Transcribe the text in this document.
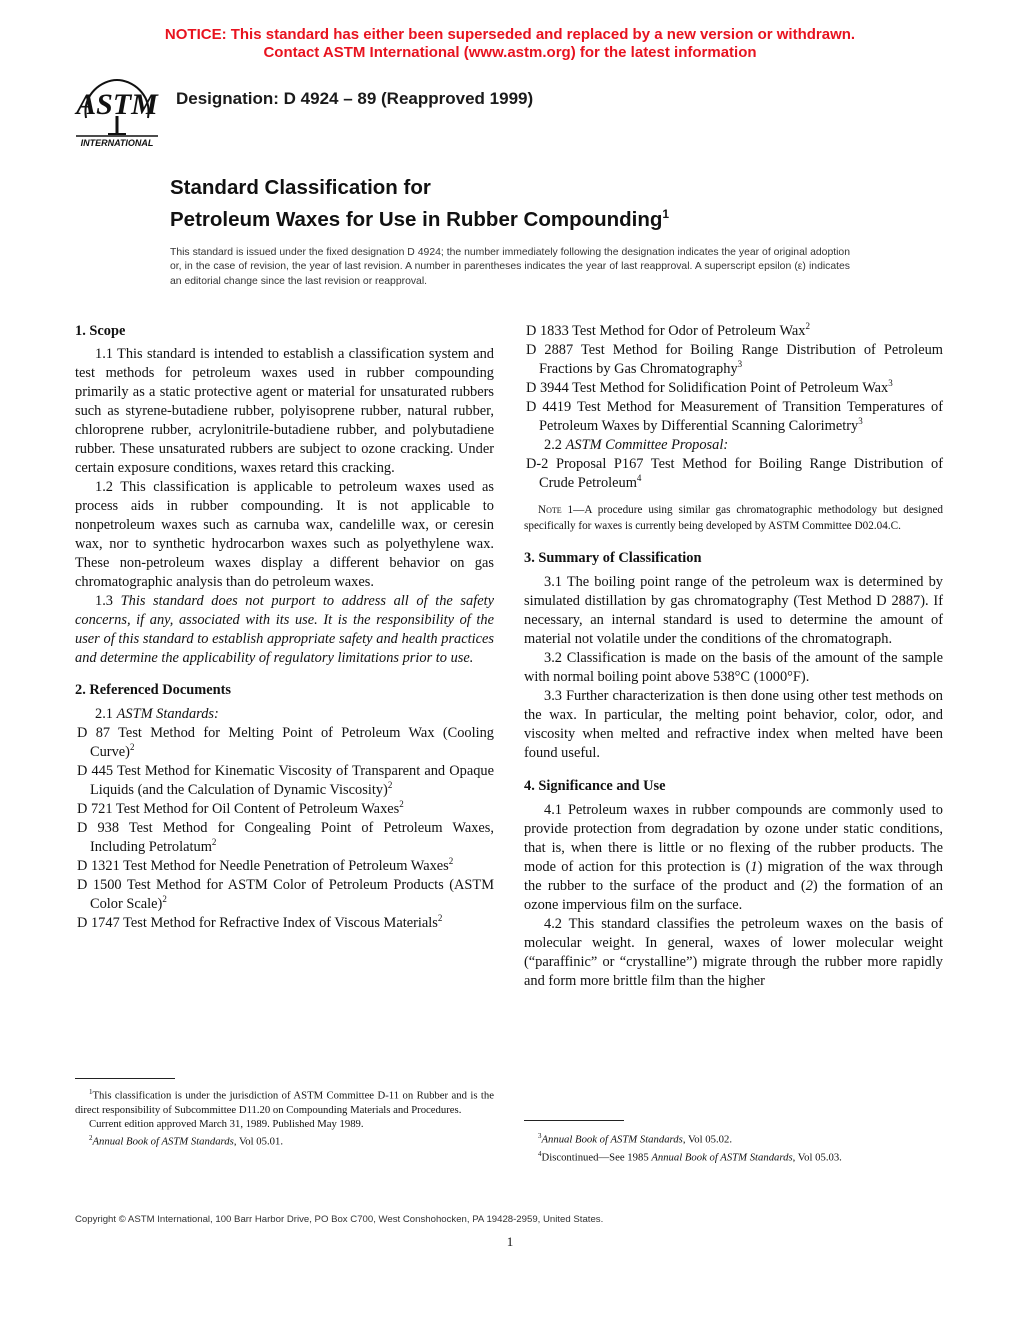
NOTICE: This standard has either been superseded and replaced by a new version or withdrawn.
Contact ASTM International (www.astm.org) for the latest information
ASTM
INTERNATIONAL
Designation: D 4924 – 89 (Reapproved 1999)
Standard Classification for
Petroleum Waxes for Use in Rubber Compounding$^1$
This standard is issued under the fixed designation D 4924; the number immediately following the designation indicates the year of original adoption or, in the case of revision, the year of last revision. A number in parentheses indicates the year of last reapproval. A superscript epsilon (ε) indicates an editorial change since the last revision or reapproval.
1. Scope

1.1 This standard is intended to establish a classification system and test methods for petroleum waxes used in rubber compounding primarily as a static protective agent or material for unsaturated rubbers such as styrene-butadiene rubber, polyisoprene rubber, natural rubber, chloroprene rubber, acrylonitrile-butadiene rubber, and polybutadiene rubber. These unsaturated rubbers are subject to ozone cracking. Under certain exposure conditions, waxes retard this cracking.

1.2 This classification is applicable to petroleum waxes used as process aids in rubber compounding. It is not applicable to nonpetroleum waxes such as carnuba wax, candelille wax, or ceresin wax, nor to synthetic hydrocarbon waxes such as polyethylene wax. These non-petroleum waxes display a different behavior on gas chromatographic analysis than do petroleum waxes.

1.3 This standard does not purport to address all of the safety concerns, if any, associated with its use. It is the responsibility of the user of this standard to establish appropriate safety and health practices and determine the applicability of regulatory limitations prior to use.

2. Referenced Documents

2.1 ASTM Standards:

D 87 Test Method for Melting Point of Petroleum Wax (Cooling Curve)$^2$

D 445 Test Method for Kinematic Viscosity of Transparent and Opaque Liquids (and the Calculation of Dynamic Viscosity)$^2$

D 721 Test Method for Oil Content of Petroleum Waxes$^2$

D 938 Test Method for Congealing Point of Petroleum Waxes, Including Petrolatum$^2$

D 1321 Test Method for Needle Penetration of Petroleum Waxes$^2$

D 1500 Test Method for ASTM Color of Petroleum Products (ASTM Color Scale)$^2$

D 1747 Test Method for Refractive Index of Viscous Materials$^2$

$^1$This classification is under the jurisdiction of ASTM Committee D-11 on Rubber and is the direct responsibility of Subcommittee D11.20 on Compounding Materials and Procedures.

Current edition approved March 31, 1989. Published May 1989.

$^2$Annual Book of ASTM Standards, Vol 05.01.

D 1833 Test Method for Odor of Petroleum Wax$^2$

D 2887 Test Method for Boiling Range Distribution of Petroleum Fractions by Gas Chromatography$^3$

D 3944 Test Method for Solidification Point of Petroleum Wax$^3$

D 4419 Test Method for Measurement of Transition Temperatures of Petroleum Waxes by Differential Scanning Calorimetry$^3$

2.2 ASTM Committee Proposal:

D-2 Proposal P167 Test Method for Boiling Range Distribution of Crude Petroleum$^4$

Note 1—A procedure using similar gas chromatographic methodology but designed specifically for waxes is currently being developed by ASTM Committee D02.04.C.

3. Summary of Classification

3.1 The boiling point range of the petroleum wax is determined by simulated distillation by gas chromatography (Test Method D 2887). If necessary, an internal standard is used to determine the amount of material not volatile under the conditions of the chromatograph.

3.2 Classification is made on the basis of the amount of the sample with normal boiling point above 538°C (1000°F).

3.3 Further characterization is then done using other test methods on the wax. In particular, the melting point behavior, color, odor, and viscosity when melted and refractive index when melted have been found useful.

4. Significance and Use

4.1 Petroleum waxes in rubber compounds are commonly used to provide protection from degradation by ozone under static conditions, that is, when there is little or no flexing of the rubber products. The mode of action for this protection is (1) migration of the wax through the rubber to the surface of the product and (2) the formation of an ozone impervious film on the surface.

4.2 This standard classifies the petroleum waxes on the basis of molecular weight. In general, waxes of lower molecular weight (“paraffinic” or “crystalline”) migrate through the rubber more rapidly and form more brittle film than the higher

$^3$Annual Book of ASTM Standards, Vol 05.02.

$^4$Discontinued—See 1985 Annual Book of ASTM Standards, Vol 05.03.

Copyright © ASTM International, 100 Barr Harbor Drive, PO Box C700, West Conshohocken, PA 19428-2959, United States.
1
